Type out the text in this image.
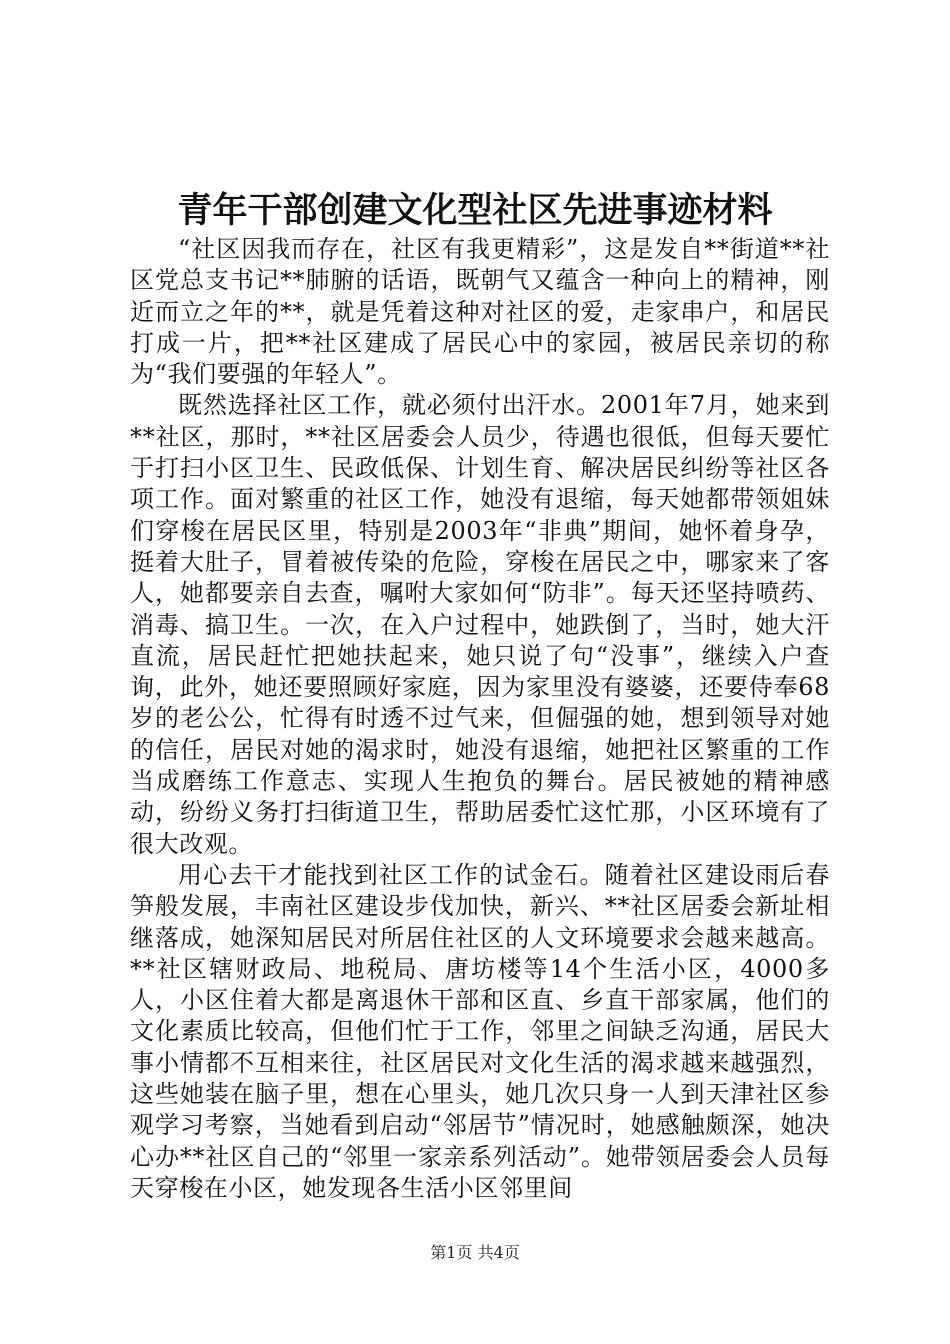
青年干部创建文化型社区先进事迹材料

“社区因我而存在，社区有我更精彩”，这是发自**街道**社区党总支书记**肺腑的话语，既朝气又蕴含一种向上的精神，刚近而立之年的**，就是凭着这种对社区的爱，走家串户，和居民打成一片，把**社区建成了居民心中的家园，被居民亲切的称为“我们要强的年轻人”。

既然选择社区工作，就必须付出汗水。2001年7月，她来到**社区，那时，**社区居委会人员少，待遇也很低，但每天要忙于打扫小区卫生、民政低保、计划生育、解决居民纠纷等社区各项工作。面对繁重的社区工作，她没有退缩，每天她都带领姐妹们穿梭在居民区里，特别是2003年“非典”期间，她怀着身孕，挺着大肚子，冒着被传染的危险，穿梭在居民之中，哪家来了客人，她都要亲自去查，嘱咐大家如何“防非”。每天还坚持喷药、消毒、搞卫生。一次，在入户过程中，她跌倒了，当时，她大汗直流，居民赶忙把她扶起来，她只说了句“没事”，继续入户查询，此外，她还要照顾好家庭，因为家里没有婆婆，还要侍奉68岁的老公公，忙得有时透不过气来，但倔强的她，想到领导对她的信任，居民对她的渴求时，她没有退缩，她把社区繁重的工作当成磨练工作意志、实现人生抱负的舞台。居民被她的精神感动，纷纷义务打扫街道卫生，帮助居委忙这忙那，小区环境有了很大改观。

用心去干才能找到社区工作的试金石。随着社区建设雨后春笋般发展，丰南社区建设步伐加快，新兴、**社区居委会新址相继落成，她深知居民对所居住社区的人文环境要求会越来越高。**社区辖财政局、地税局、唐坊楼等14个生活小区，4000多人，小区住着大都是离退休干部和区直、乡直干部家属，他们的文化素质比较高，但他们忙于工作，邻里之间缺乏沟通，居民大事小情都不互相来往，社区居民对文化生活的渴求越来越强烈，这些她装在脑子里，想在心里头，她几次只身一人到天津社区参观学习考察，当她看到启动“邻居节”情况时，她感触颇深，她决心办**社区自己的“邻里一家亲系列活动”。她带领居委会人员每天穿梭在小区，她发现各生活小区邻里间

第1页 共4页
